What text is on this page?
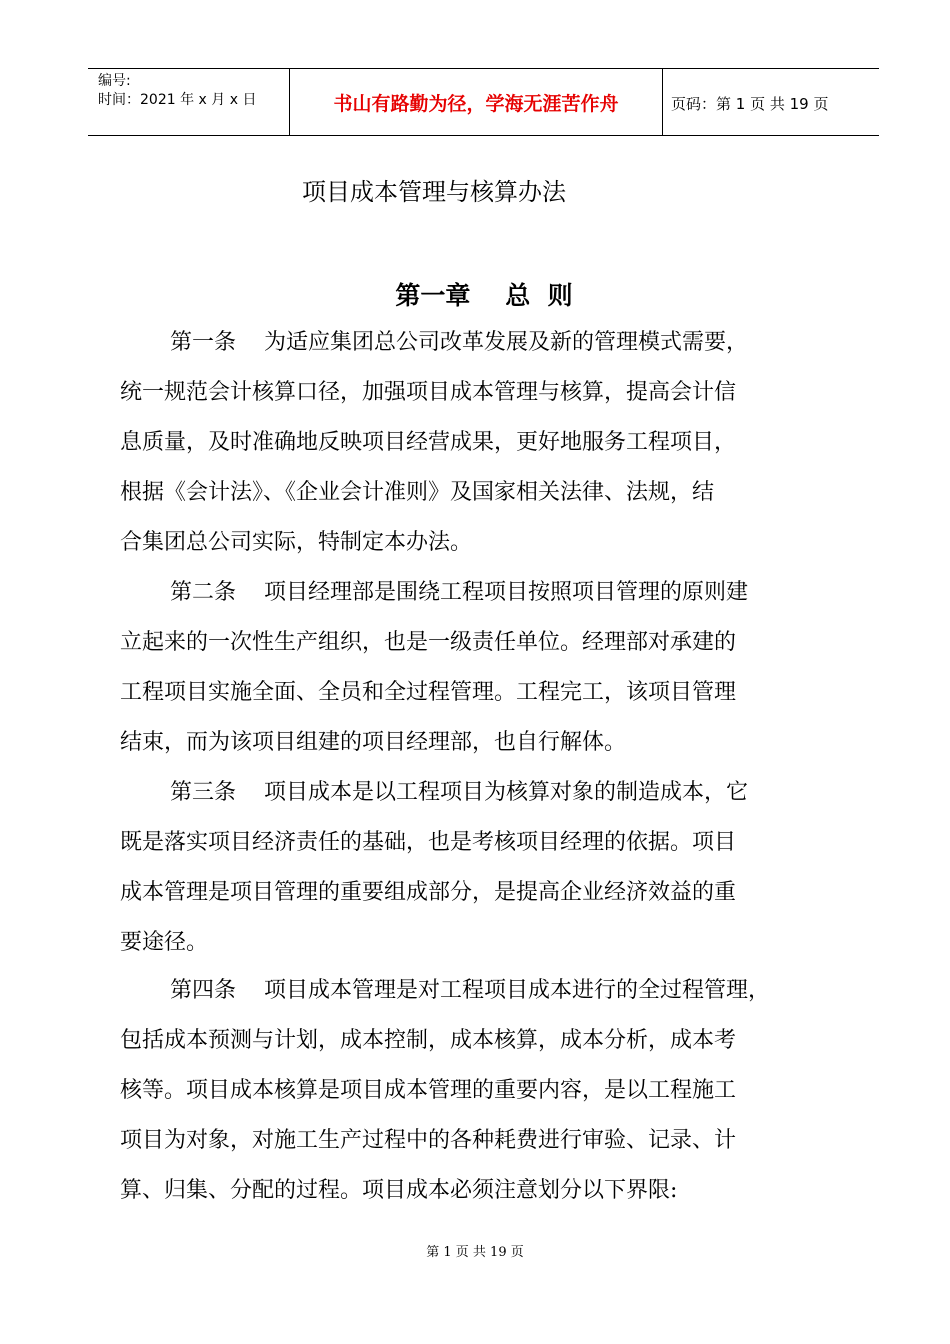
编号:
时间：2021 年 x 月 x 日	书山有路勤为径，学海无涯苦作舟	页码：第 1 页 共 19 页
项目成本管理与核算办法
第一章    总  则
第一条    为适应集团总公司改革发展及新的管理模式需要，
统一规范会计核算口径，加强项目成本管理与核算，提高会计信
息质量，及时准确地反映项目经营成果，更好地服务工程项目，
根据《会计法》、《企业会计准则》及国家相关法律、法规，结
合集团总公司实际，特制定本办法。
第二条    项目经理部是围绕工程项目按照项目管理的原则建
立起来的一次性生产组织，也是一级责任单位。经理部对承建的
工程项目实施全面、全员和全过程管理。工程完工，该项目管理
结束，而为该项目组建的项目经理部，也自行解体。
第三条    项目成本是以工程项目为核算对象的制造成本，它
既是落实项目经济责任的基础，也是考核项目经理的依据。项目
成本管理是项目管理的重要组成部分，是提高企业经济效益的重
要途径。
第四条    项目成本管理是对工程项目成本进行的全过程管理，
包括成本预测与计划，成本控制，成本核算，成本分析，成本考
核等。项目成本核算是项目成本管理的重要内容，是以工程施工
项目为对象，对施工生产过程中的各种耗费进行审验、记录、计
算、归集、分配的过程。项目成本必须注意划分以下界限:
第 1 页 共 19 页
